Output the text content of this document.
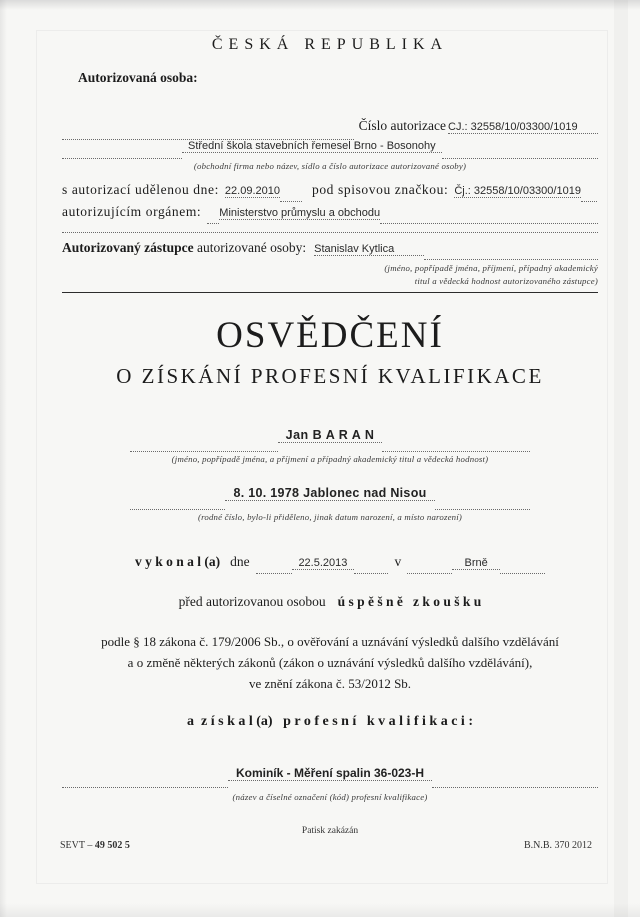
ČESKÁ REPUBLIKA
Autorizovaná osoba:
Číslo autorizace CJ.: 32558/10/03300/1019
Střední škola stavebních řemesel Brno - Bosonohy
(obchodní firma nebo název, sídlo a číslo autorizace autorizované osoby)
s autorizací udělenou dne: 22.09.2010 pod spisovou značkou: Čj.: 32558/10/03300/1019
autorizujícím orgánem: Ministerstvo průmyslu a obchodu
Autorizovaný zástupce autorizované osoby: Stanislav Kytlica
(jméno, popřípadě jména, příjmení, případný akademický
titul a vědecká hodnost autorizovaného zástupce)
OSVĚDČENÍ
O ZÍSKÁNÍ PROFESNÍ KVALIFIKACE
Jan B A R A N
(jméno, popřípadě jména, a příjmení a případný akademický titul a vědecká hodnost)
8. 10. 1978 Jablonec nad Nisou
(rodné číslo, bylo-li přiděleno, jinak datum narození, a místo narození)
v y k o n a l (a) dne	22.5.2013	v	Brně
před autorizovanou osobou ú s p ě š n ě   z k o u š k u
podle § 18 zákona č. 179/2006 Sb., o ověřování a uznávání výsledků dalšího vzdělávání
a o změně některých zákonů (zákon o uznávání výsledků dalšího vzdělávání),
ve znění zákona č. 53/2012 Sb.
a  z í s k a l (a)   p r o f e s n í   k v a l i f i k a c i :
Kominík - Měření spalin 36-023-H
(název a číselné označení (kód) profesní kvalifikace)
Patisk zakázán
SEVT – 49 502 5	B.N.B. 370 2012
